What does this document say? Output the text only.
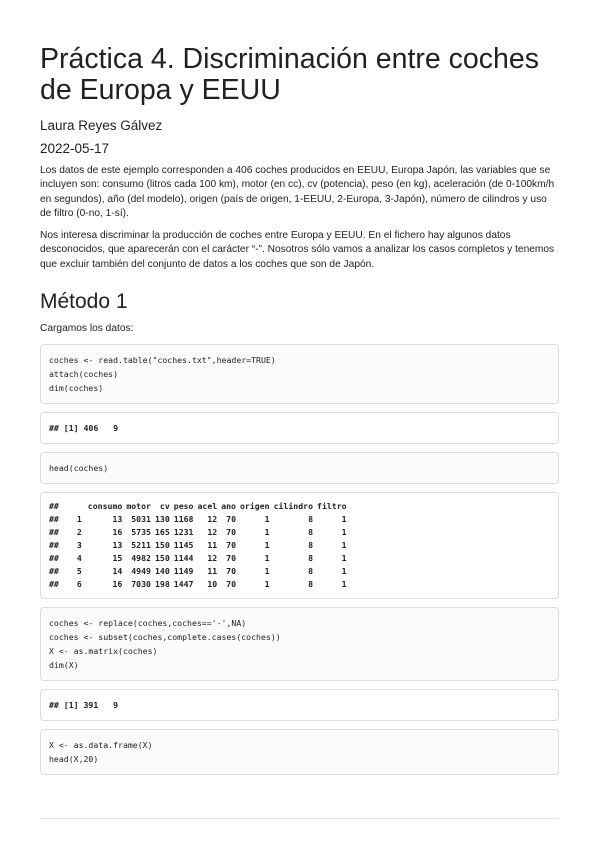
Práctica 4. Discriminación entre coches de Europa y EEUU
Laura Reyes Gálvez
2022-05-17

Los datos de este ejemplo corresponden a 406 coches producidos en EEUU, Europa Japón, las variables que se incluyen son: consumo (litros cada 100 km), motor (en cc), cv (potencia), peso (en kg), aceleración (de 0-100km/h en segundos), año (del modelo), origen (país de origen, 1-EEUU, 2-Europa, 3-Japón), número de cilindros y uso de filtro (0-no, 1-sí).

Nos interesa discriminar la producción de coches entre Europa y EEUU. En el fichero hay algunos datos desconocidos, que aparecerán con el carácter “-”. Nosotros sólo vamos a analizar los casos completos y tenemos que excluir también del conjunto de datos a los coches que son de Japón.

Método 1

Cargamos los datos:

coches <- read.table("coches.txt",header=TRUE)
attach(coches)
dim(coches)
## [1] 406   9
head(coches)
##		consumo	motor	cv	peso	acel	ano	origen	cilindro	filtro
##	1	13	5031	130	1168	12	70	1	8	1
##	2	16	5735	165	1231	12	70	1	8	1
##	3	13	5211	150	1145	11	70	1	8	1
##	4	15	4982	150	1144	12	70	1	8	1
##	5	14	4949	140	1149	11	70	1	8	1
##	6	16	7030	198	1447	10	70	1	8	1
coches <- replace(coches,coches=='-',NA)
coches <- subset(coches,complete.cases(coches))
X <- as.matrix(coches)
dim(X)
## [1] 391   9
X <- as.data.frame(X)
head(X,20)
